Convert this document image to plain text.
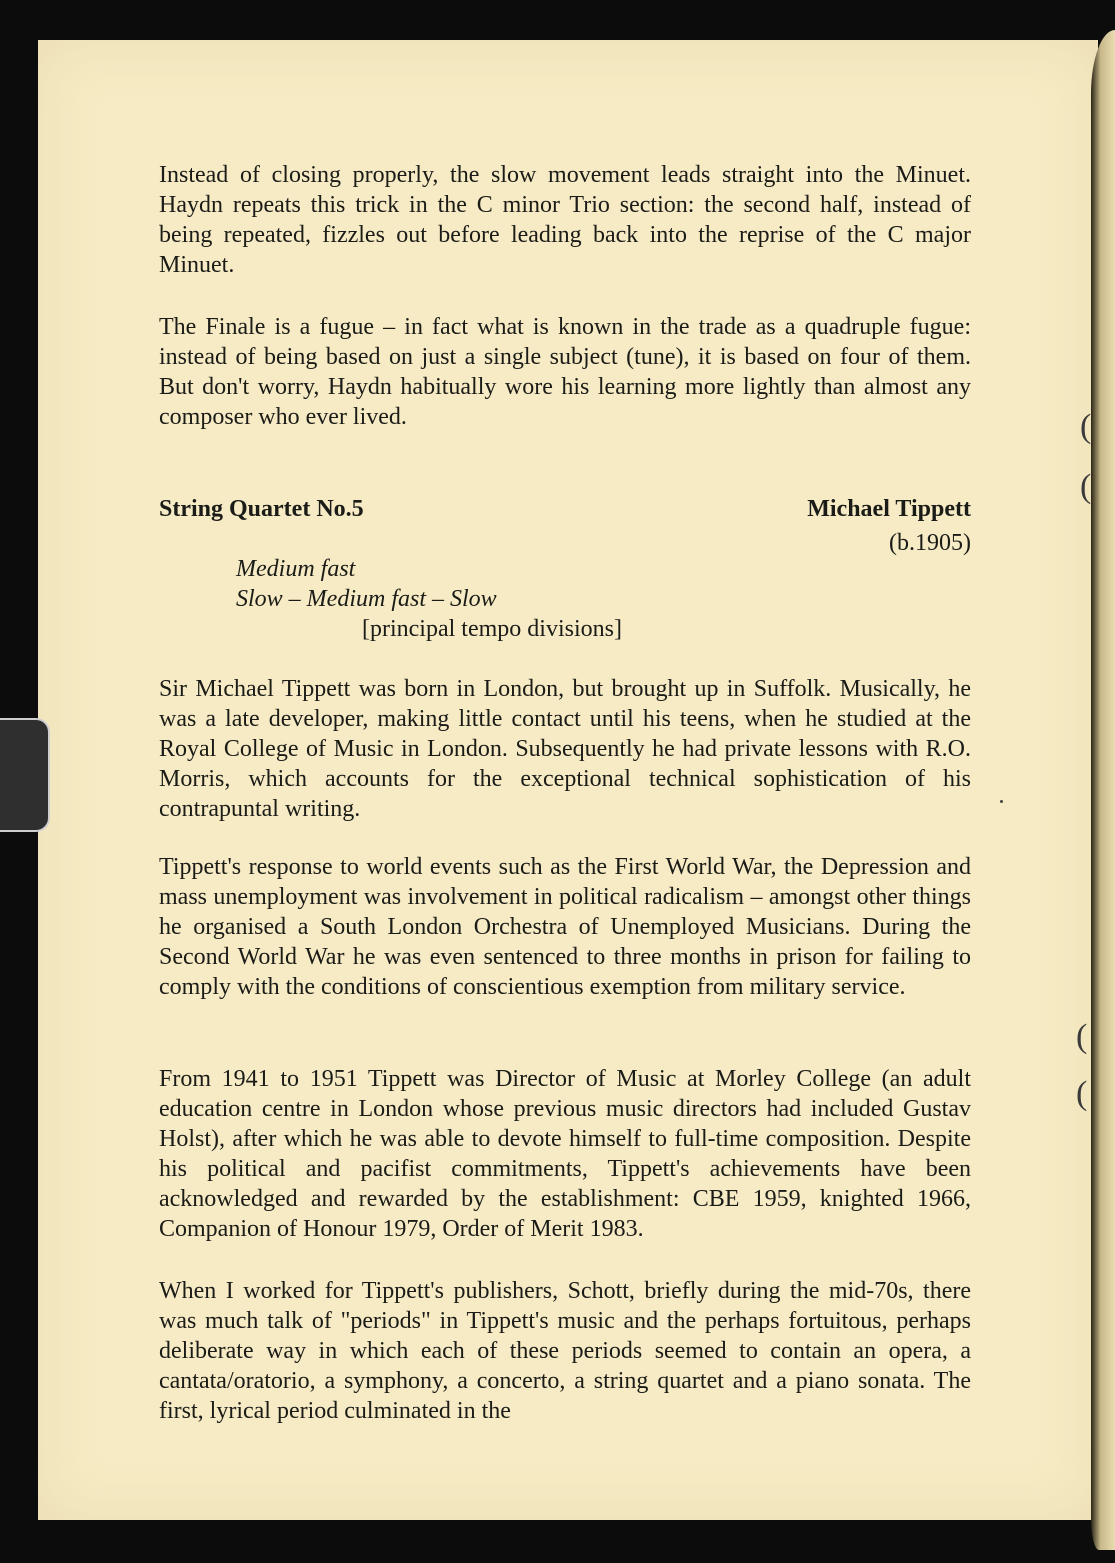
(
(
(
(

Instead of closing properly, the slow movement leads straight into the Minuet. Haydn repeats this trick in the C minor Trio section: the second half, instead of being repeated, fizzles out before leading back into the reprise of the C major Minuet.

The Finale is a fugue – in fact what is known in the trade as a quadruple fugue: instead of being based on just a single subject (tune), it is based on four of them. But don't worry, Haydn habitually wore his learning more lightly than almost any composer who ever lived.

String Quartet No.5	Michael Tippett
(b.1905)
Medium fast
Slow – Medium fast – Slow
[principal tempo divisions]

Sir Michael Tippett was born in London, but brought up in Suffolk. Musically, he was a late developer, making little contact until his teens, when he studied at the Royal College of Music in London. Subsequently he had private lessons with R.O. Morris, which accounts for the exceptional technical sophistication of his contrapuntal writing.

Tippett's response to world events such as the First World War, the Depression and mass unemployment was involvement in political radicalism – amongst other things he organised a South London Orchestra of Unemployed Musicians. During the Second World War he was even sentenced to three months in prison for failing to comply with the conditions of conscientious exemption from military service.

From 1941 to 1951 Tippett was Director of Music at Morley College (an adult education centre in London whose previous music directors had included Gustav Holst), after which he was able to devote himself to full-time composition. Despite his political and pacifist commitments, Tippett's achievements have been acknowledged and rewarded by the establishment: CBE 1959, knighted 1966, Companion of Honour 1979, Order of Merit 1983.

When I worked for Tippett's publishers, Schott, briefly during the mid-70s, there was much talk of "periods" in Tippett's music and the perhaps fortuitous, perhaps deliberate way in which each of these periods seemed to contain an opera, a cantata/oratorio, a symphony, a concerto, a string quartet and a piano sonata. The first, lyrical period culminated in the
